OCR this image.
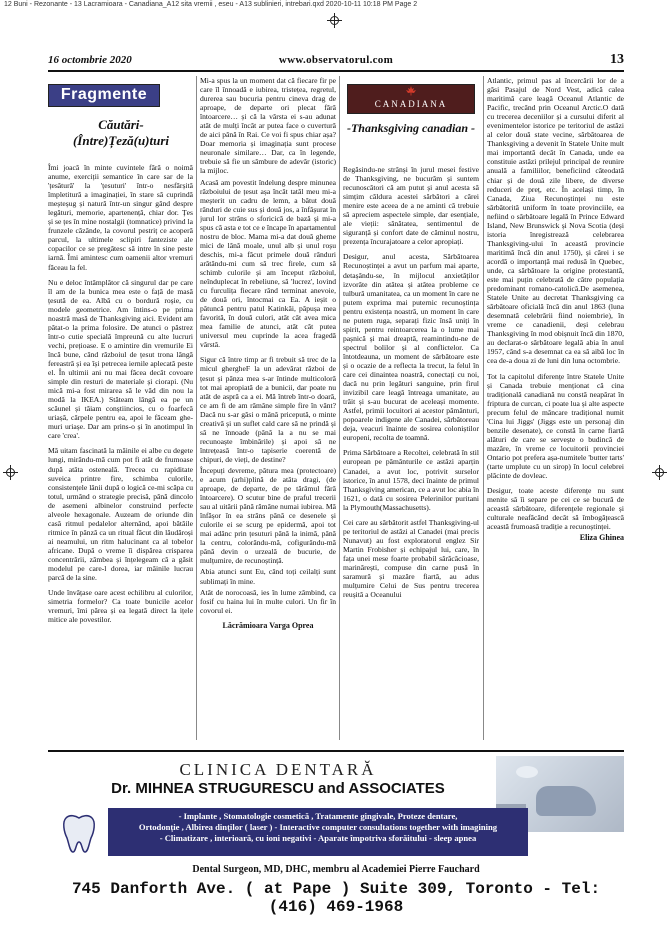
12 Buni - Rezonante - 13 Lacramioara - Canadiana_A12 sita vremii , eseu - A13 sublinieri, intrebari.qxd 2020-10-11 10:18 PM Page 2
16 octombrie 2020	www.observatorul.com	13
Fragmente
Căutări- (Între)Țeză(u)turi

Îmi joacă în minte cuvintele fără o noimă anume, exerciții semantice în care sar de la 'țesătură' la 'țesuturi' într-o nesfârșită împletitură a imaginației, în stare să cuprindă meșteșug și natură într-un singur gând despre legături, memorie, apartenență, chiar dor. Țes și se țes în mine nostalgii (tomnatice) privind la frunzele căzânde, la covorul pestriț ce acoperă parcul, la ultimele sclipiri fanteziste ale copacilor ce se pregătesc să intre în sine peste iarnă. Îmi amintesc cum oamenii altor vremuri făceau la fel.

Nu e deloc întâmplător că singurul dar pe care îl am de la bunica mea este o față de masă țesută de ea. Albă cu o bordură roșie, cu modele geometrice. Am întins-o pe prima noastră masă de Thanksgiving aici. Evident am pătat-o la prima folosire. De atunci o păstrez într-o cutie specială împreună cu alte lucruri vechi, prețioase. E o amintire din vremurile Ei încă bune, când războiul de țesut trona lângă fereastră și ea își petrecea iernile aplecată peste el. În ultimii ani nu mai făcea decât covoare simple din resturi de materiale și ciorapi. (Nu mică mi-a fost mirarea să le văd din nou la modă la IKEA.) Stăteam lângă ea pe un scăunel și tăiam conștiincios, cu o foarfecă uriașă, cârpele pentru ea, apoi le făceam ghe-muri uriașe. Dar am prins-o și în anotimpul în care 'crea'.

Mă uitam fascinată la mâinile ei albe cu degete lungi, mirându-mă cum pot fi atât de frumoase după atâta osteneală. Trecea cu rapiditate suveica printre fire, schimba culorile, consistențele lânii după o logică ce-mi scăpa cu totul, urmând o strategie precisă, până dincolo de asemeni albinelor construind perfecte alveole hexagonale. Auzeam de oriunde din casă ritmul pedalelor alternând, apoi bătăile ritmice în pânză ca un ritual făcut din lăudăroși ai neamului, un ritm halucinant ca al tobelor africane. După o vreme îi dispărea crisparea concentrării, zâmbea și înțelegeam că a găsit modelul pe care-l dorea, iar mâinile lucrau parcă de la sine.

Unde învățase oare acest echilibru al culorilor, simetria formelor? Ca toate bunicile acelor vremuri, îmi părea și ea legată direct la ițele mitice ale povestilor.

Mi-a spus la un moment dat că fiecare fir pe care îl înnoadă e iubirea, tristețea, regretul, durerea sau bucuria pentru cineva drag de aproape, de departe ori plecat fără întoarcere… și că la vârsta ei s-au adunat atât de mulți încât ar putea face o cuvertură de aici până în Rai. Ce voi fi spus chiar așa? Doar memoria și imaginația sunt procese neuronale similare… Dar, ca în legende, trebuie să fie un sâmbure de adevăr (istoric) la mijloc.

Acasă am povestit îndelung despre minunea războiului de țesut așa încât tatăl meu mi-a meșterit un cadru de lemn, a bătut două rânduri de cuie sus și două jos, a înfășurat în jurul lor strâns o sforicică de bază și mi-a spus că asta e tot ce e încape în apartamentul nostru de bloc. Mama mi-a dat două gheme mici de lână moale, unul alb și unul roșu deschis, mi-a făcut primele două rânduri arătându-mi cum să trec firele, cum să schimb culorile și am început războiul, neînduplecat în rebeliune, să 'lucrez', lovind cu furculița fiecare rând terminat anevoie, de două ori, întocmai ca Ea. A ieșit o pătuncă pentru patul Katinkăi, păpușa mea favorită, în două culori, atât cât avea mica mea familie de atunci, atât cât putea universul meu cuprinde la acea fragedă vârstă.

Sigur că între timp ar fi trebuit să trec de la micul ghergheF la un adevărat război de țesut și pânza mea s-ar întinde multicoloră tot mai apropiată de a bunicii, dar poate nu atât de aspră ca a ei. Mă întreb într-o doară, ce am fi de am rămâne simple fire în vânt? Dacă nu s-ar găsi o mână pricepută, o minte creativă și un suflet cald care să ne prindă și să ne înnoade (până la a nu se mai recunoaște ĭmbinările) și apoi să ne întrețeasă într-o tapiserie coerentă de chipuri, de vieți, de destine?

Începuți devreme, pătura mea (protectoare) e acum (arhi)plină de atâta dragi, (de aproape, de departe, de pe tărâmul fără întoarcere). O scutur bine de praful trecerii sau al uitării până rămâne numai iubirea. Mă înfășor în ea strâns până ce desenele și culorile ei se scurg pe epidermă, apoi tot mai adânc prin țesuturi până la inimă, până la centru, colorându-mă, cofigurându-mă până devin o urzeală de bucurie, de mulțumire, de recunoștință.

Abia atunci sunt Eu, când toți ceilalți sunt sublimați în mine.

Atât de norocoasă, ies în lume zâmbind, ca fosif cu haina lui în multe culori. Un fir în covorul ei.

Lăcrămioara Varga Oprea

CANADIANA
-Thanksgiving canadian -

Regăsindu-ne strânși în jurul mesei festive de Thanksgiving, ne bucurăm și suntem recunoscători că am putut și anul acesta să simțim căldura acestei sărbători a cărei menire este aceea de a ne aminti că trebuie să apreciem aspectele simple, dar esențiale, ale vieții: sănătatea, sentimentul de siguranță și confort date de căminul nostru, prezența încurajatoare a celor apropiați.

Desigur, anul acesta, Sărbătoarea Recunoștinței a avut un parfum mai aparte, detașându-se, în mijlocul anxietăților izvorâte din atâtea și atâtea probleme ce tulbură umanitatea, ca un moment în care ne putem exprima mai puternic recunoștința pentru existența noastră, un moment în care ne putem ruga, separați fizic însă uniți în spirit, pentru reintoarcerea la o lume mai pașnică și mai dreaptă, reamintindu-ne de spectrul bolilor și al conflictelor. Ca întotdeauna, un moment de sărbătoare este și o ocazie de a reflecta la trecut, la felul în care cei dinaintea noastră, conectați cu noi, dacă nu prin legături sanguine, prin firul invizibil care leagă întreaga umanitate, au trăit și s-au bucurat de aceleași momente. Astfel, primii locuitori ai acestor pământuri, popoarele indigene ale Canadei, sărbătoreau deja, veacuri înainte de sosirea coloniștilor europeni, recolta de toamnă.

Prima Sărbătoare a Recoltei, celebrată în stil european pe pământurile ce astăzi aparțin Canadei, a avut loc, potrivit surselor istorice, în anul 1578, deci înainte de primul Thanksgiving american, ce a avut loc abia în 1621, o dată cu sosirea Pelerinilor puritani la Plymouth(Massachusetts).

Cei care au sărbătorit astfel Thanksgiving-ul pe teritoriul de astăzi al Canadei (mai precis Nunavut) au fost exploratorul englez Sir Martin Frobisher și echipajul lui, care, în fața unei mese foarte probabil sărăcăcioase, marinărești, compuse din carne pusă în saramură și mazăre fiartă, au adus mulțumire Celui de Sus pentru trecerea reușită a Oceanului

Atlantic, primul pas al încercării lor de a găsi Pasajul de Nord Vest, adică calea maritimă care leagă Oceanul Atlantic de Pacific, trecând prin Oceanul Arctic.O dată cu trecerea deceniilor și a cursului diferit al evenimentelor istorice pe teritoriul de astăzi al celor două state vecine, sărbătoarea de Thanksgiving a devenit în Statele Unite mult mai importantă decât în Canada, unde ea constituie astăzi prilejul principal de reunire anuală a familiilor, beneficiind câteodată chiar și de două zile libere, de diverse reduceri de preț, etc. În același timp, în Canada, Ziua Recunoștinței nu este sărbătorită uniform în toate provinciile, ea nefiind o sărbătoare legală în Prince Edward Island, New Brunswick și Nova Scotia (deși istoria înregistrează celebrarea Thanksgiving-ului în această provincie maritimă încă din anul 1750), și cărei i se acordă o importanță mai redusă în Quebec, unde, ca sărbătoare la origine protestantă, este mai puțin celebrată de către populația predominant romano-catolică.De asemenea, Statele Unite au decretat Thanksgiving ca sărbătoare oficială încă din anul 1863 (luna desemnată celebrării fiind noiembrie), în vreme ce canadienii, deși celebrau Thanksgiving în mod obișnuit încă din 1870, au declarat-o sărbătoare legală abia în anul 1957, când s-a desemnat ca ea să aibă loc în cea de-a doua zi de luni din luna octombrie.

Tot la capitolul diferențe între Statele Unite și Canada trebuie menționat că cina tradițională canadiană nu constă neapărat în friptura de curcan, ci poate lua și alte aspecte precum felul de mâncare tradițional numit 'Cina lui Jiggs' (Jiggs este un personaj din benzile desenate), ce constă în carne fiartă alături de care se servește o budincă de mazăre, în vreme ce locuitorii provinciei Ontario pot prefera așa-numitele 'butter tarts' (tarte umplute cu un sirop) în locul celebrei plăcinte de dovleac.

Desigur, toate aceste diferențe nu sunt menite să îi separe pe cei ce se bucură de această sărbătoare, diferențele regionale și culturale neafăcând decât să îmbogățească această frumoasă tradiție a recunoștinței.

Eliza Ghinea

CLINICA DENTARĂ
Dr. MIHNEA STRUGURESCU and ASSOCIATES
- Implante , Stomatologie cosmetică , Tratamente gingivale, Proteze dentare,
Ortodonție , Albirea dinților ( laser ) - Interactive computer consultations together with imagining
- Climatizare , interioară, cu ioni negativi - Aparate împotriva sforăitului - sleep apnea
Dental Surgeon, MD, DHC, membru al Academiei Pierre Fauchard
745 Danforth Ave. ( at Pape ) Suite 309, Toronto - Tel: (416) 469-1968
